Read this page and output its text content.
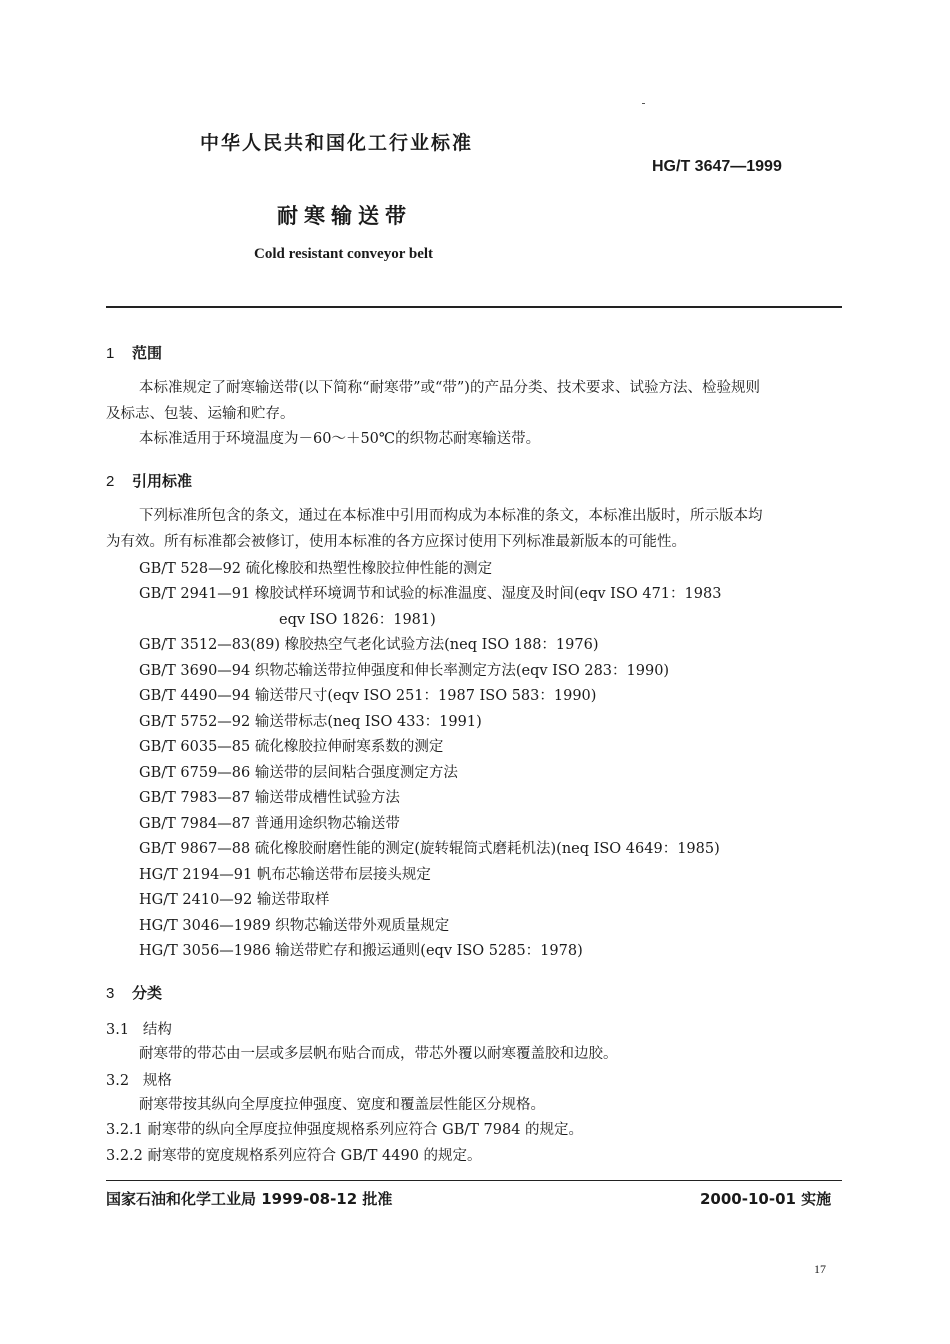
中华人民共和国化工行业标准
HG/T 3647—1999
耐寒输送带
Cold resistant conveyor belt
1 范围
本标准规定了耐寒输送带(以下简称“耐寒带”或“带”)的产品分类、技术要求、试验方法、检验规则
及标志、包装、运输和贮存。
本标准适用于环境温度为－60～＋50℃的织物芯耐寒输送带。
2 引用标准
下列标准所包含的条文，通过在本标准中引用而构成为本标准的条文，本标准出版时，所示版本均
为有效。所有标准都会被修订，使用本标准的各方应探讨使用下列标准最新版本的可能性。
GB/T 528—92 硫化橡胶和热塑性橡胶拉伸性能的测定
GB/T 2941—91 橡胶试样环境调节和试验的标准温度、湿度及时间(eqv ISO 471：1983
eqv ISO 1826：1981)
GB/T 3512—83(89) 橡胶热空气老化试验方法(neq ISO 188：1976)
GB/T 3690—94 织物芯输送带拉伸强度和伸长率测定方法(eqv ISO 283：1990)
GB/T 4490—94 输送带尺寸(eqv ISO 251：1987 ISO 583：1990)
GB/T 5752—92 输送带标志(neq ISO 433：1991)
GB/T 6035—85 硫化橡胶拉伸耐寒系数的测定
GB/T 6759—86 输送带的层间粘合强度测定方法
GB/T 7983—87 输送带成槽性试验方法
GB/T 7984—87 普通用途织物芯输送带
GB/T 9867—88 硫化橡胶耐磨性能的测定(旋转辊筒式磨耗机法)(neq ISO 4649：1985)
HG/T 2194—91 帆布芯输送带布层接头规定
HG/T 2410—92 输送带取样
HG/T 3046—1989 织物芯输送带外观质量规定
HG/T 3056—1986 输送带贮存和搬运通则(eqv ISO 5285：1978)
3 分类
3.1 结构
耐寒带的带芯由一层或多层帆布贴合而成，带芯外覆以耐寒覆盖胶和边胶。
3.2 规格
耐寒带按其纵向全厚度拉伸强度、宽度和覆盖层性能区分规格。
3.2.1 耐寒带的纵向全厚度拉伸强度规格系列应符合 GB/T 7984 的规定。
3.2.2 耐寒带的宽度规格系列应符合 GB/T 4490 的规定。
国家石油和化学工业局 1999-08-12 批准	2000-10-01 实施
17
